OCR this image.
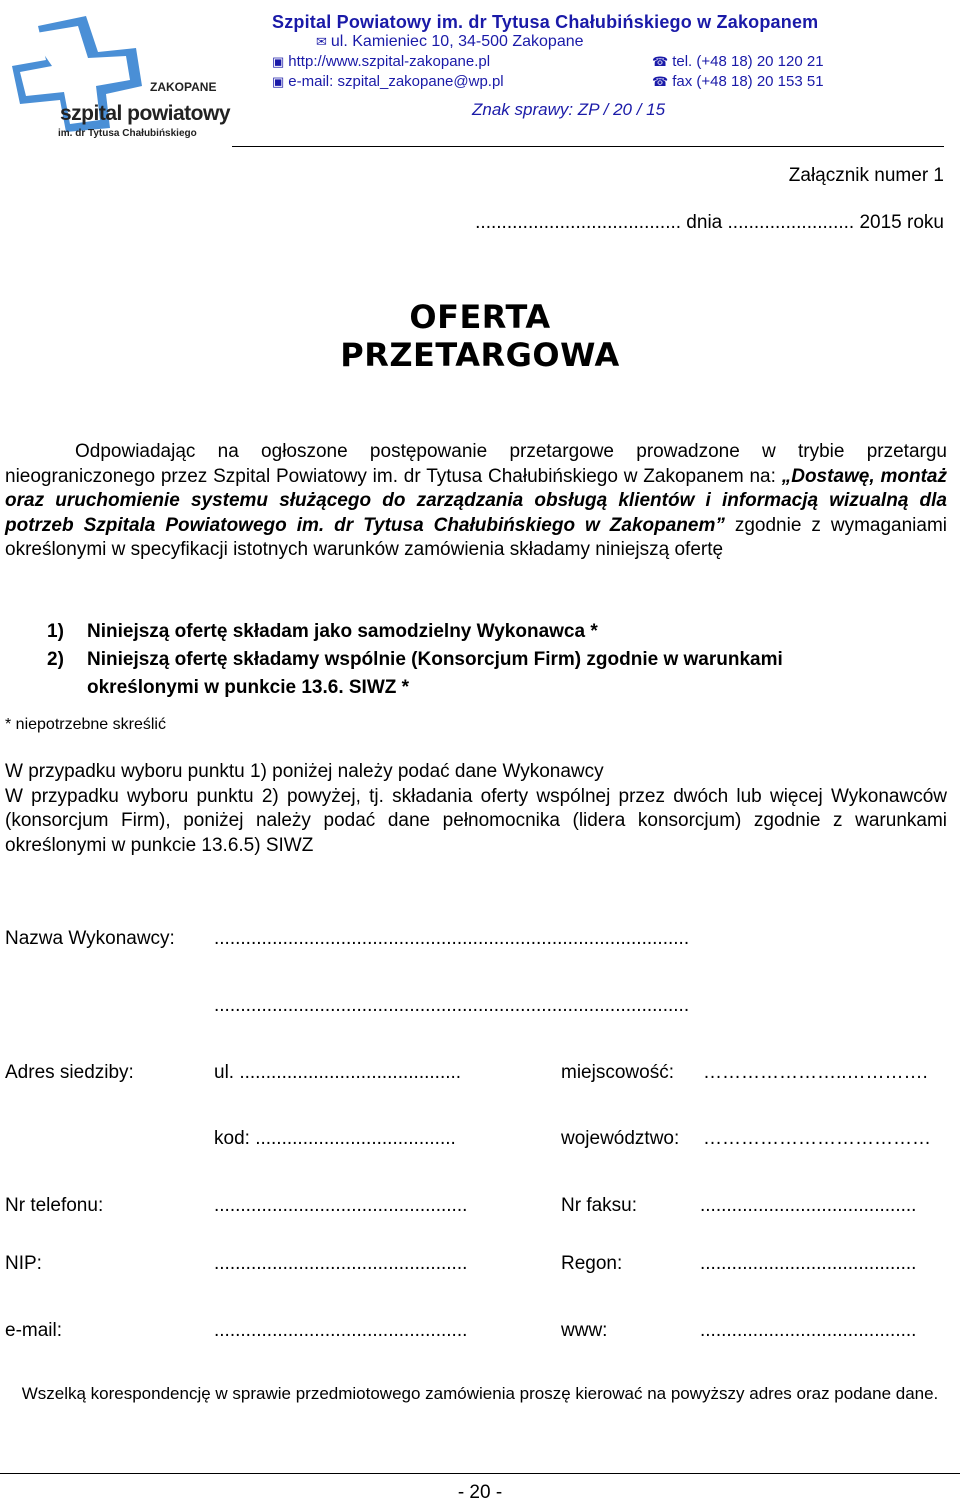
ZAKOPANE
szpital powiatowy
im. dr Tytusa Chałubińskiego
Szpital Powiatowy im. dr Tytusa Chałubińskiego w Zakopanem
✉ ul. Kamieniec 10, 34-500 Zakopane
▣ http://www.szpital-zakopane.pl	☎ tel. (+48 18) 20 120 21
▣ e-mail: szpital_zakopane@wp.pl	☎ fax (+48 18) 20 153 51
Znak sprawy: ZP / 20 / 15
Załącznik numer 1
....................................... dnia ........................ 2015 roku
OFERTA
PRZETARGOWA
Odpowiadając na ogłoszone postępowanie przetargowe prowadzone w trybie przetargu nieograniczonego przez Szpital Powiatowy im. dr Tytusa Chałubińskiego w Zakopanem na: „Dostawę, montaż oraz uruchomienie systemu służącego do zarządzania obsługą klientów i informacją wizualną dla potrzeb Szpitala Powiatowego im. dr Tytusa Chałubińskiego w Zakopanem” zgodnie z wymaganiami określonymi w specyfikacji istotnych warunków zamówienia składamy niniejszą ofertę
1) Niniejszą ofertę składam jako samodzielny Wykonawca *
2) Niniejszą ofertę składamy wspólnie (Konsorcjum Firm) zgodnie w warunkami
określonymi w punkcie 13.6. SIWZ *
* niepotrzebne skreślić
W przypadku wyboru punktu 1) poniżej należy podać dane Wykonawcy
W przypadku wyboru punktu 2) powyżej, tj. składania oferty wspólnej przez dwóch lub więcej Wykonawców (konsorcjum Firm), poniżej należy podać dane pełnomocnika (lidera konsorcjum) zgodnie z warunkami określonymi w punkcie 13.6.5) SIWZ
Nazwa Wykonawcy: ..........................................................................................
..........................................................................................
Adres siedziby:	ul. ..........................................	miejscowość: …………………..………….
kod: ......................................	województwo: ………………………………
Nr telefonu:	................................................	Nr faksu:	.........................................
NIP:	................................................	Regon:	.........................................
e-mail:	................................................	www:	.........................................
Wszelką korespondencję w sprawie przedmiotowego zamówienia proszę kierować na powyższy adres oraz podane dane.
- 20 -
